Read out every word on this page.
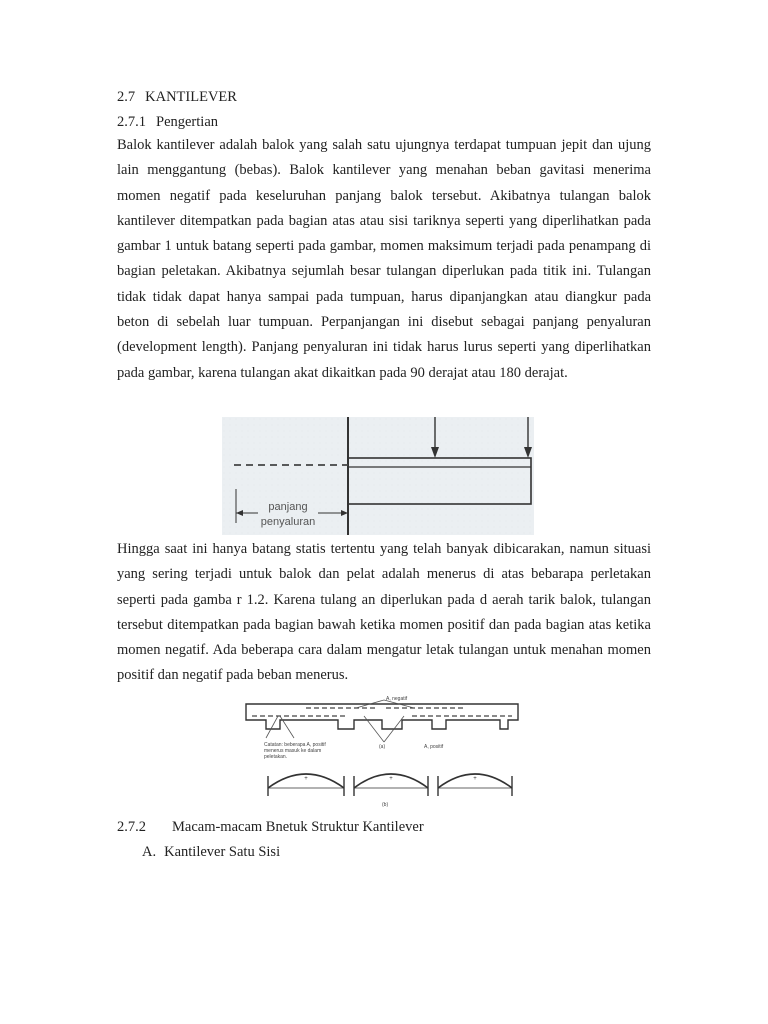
2.7 KANTILEVER
2.7.1 Pengertian

Balok kantilever adalah balok yang salah satu ujungnya terdapat tumpuan jepit dan ujung lain menggantung (bebas). Balok kantilever yang menahan beban gavitasi menerima momen negatif pada keseluruhan panjang balok tersebut. Akibatnya tulangan balok kantilever ditempatkan pada bagian atas atau sisi tariknya seperti yang diperlihatkan pada gambar 1 untuk batang seperti pada gambar, momen maksimum terjadi pada penampang di bagian peletakan. Akibatnya sejumlah besar tulangan diperlukan pada titik ini. Tulangan tidak tidak dapat hanya sampai pada tumpuan, harus dipanjangkan atau diangkur pada beton di sebelah luar tumpuan. Perpanjangan ini disebut sebagai panjang penyaluran (development length). Panjang penyaluran ini tidak harus lurus seperti yang diperlihatkan pada gambar, karena tulangan akat dikaitkan pada 90 derajat atau 180 derajat.

panjang
penyaluran

Hingga saat ini hanya batang statis tertentu yang telah banyak dibicarakan, namun situasi yang sering terjadi untuk balok dan pelat adalah menerus di atas bebarapa perletakan seperti pada gamba r 1.2. Karena tulang an diperlukan pada d aerah tarik balok, tulangan tersebut ditempatkan pada bagian bawah ketika momen positif dan pada bagian atas ketika momen negatif. Ada beberapa cara dalam mengatur letak tulangan untuk menahan momen positif dan negatif pada beban menerus.

A, negatif
Catatan: beberapa A, positif
menerus masuk ke dalam
peletakan.
(a)	A, positif
+	+	+
(b)
2.7.2 Macam-macam Bnetuk Struktur Kantilever
A. Kantilever Satu Sisi
